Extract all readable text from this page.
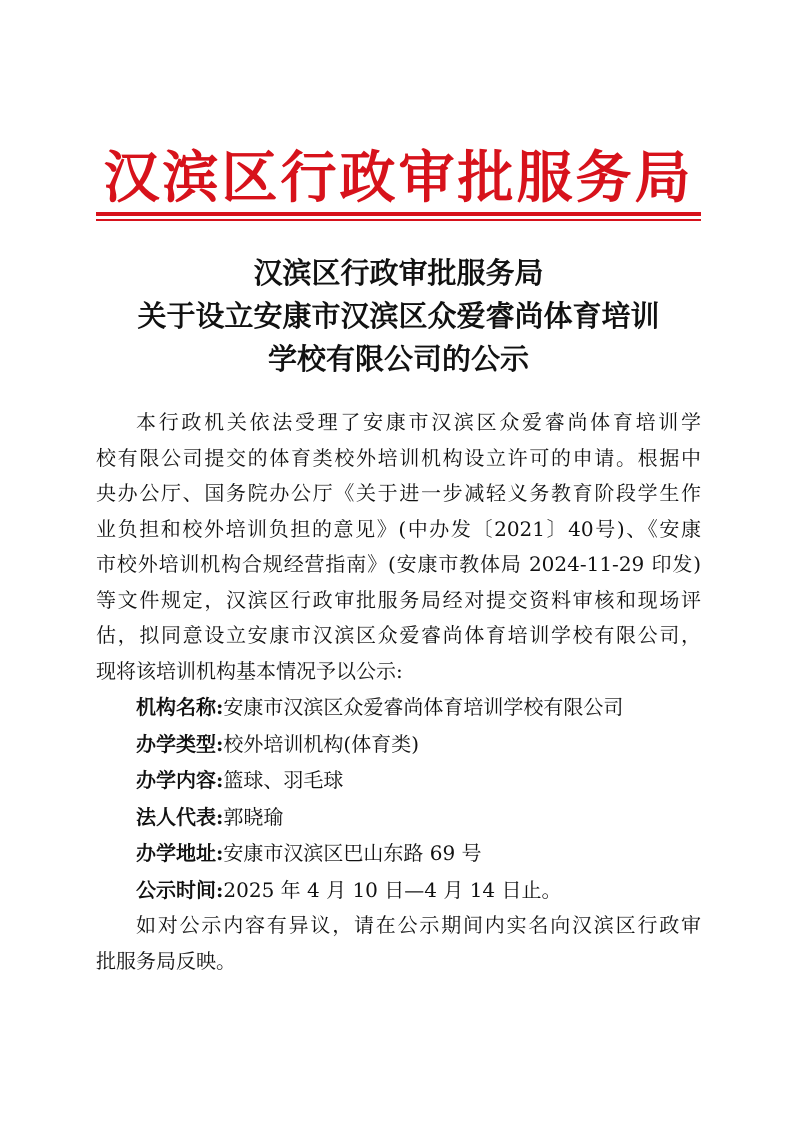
汉滨区行政审批服务局
汉滨区行政审批服务局
关于设立安康市汉滨区众爱睿尚体育培训
学校有限公司的公示
本行政机关依法受理了安康市汉滨区众爱睿尚体育培训学
校有限公司提交的体育类校外培训机构设立许可的申请。根据中
央办公厅、国务院办公厅《关于进一步减轻义务教育阶段学生作
业负担和校外培训负担的意见》(中办发〔2021〕40号)、《安康
市校外培训机构合规经营指南》(安康市教体局 2024-11-29 印发)
等文件规定，汉滨区行政审批服务局经对提交资料审核和现场评
估，拟同意设立安康市汉滨区众爱睿尚体育培训学校有限公司，
现将该培训机构基本情况予以公示:
机构名称:安康市汉滨区众爱睿尚体育培训学校有限公司
办学类型:校外培训机构(体育类)
办学内容:篮球、羽毛球
法人代表:郭晓瑜
办学地址:安康市汉滨区巴山东路 69 号
公示时间:2025 年 4 月 10 日—4 月 14 日止。
如对公示内容有异议，请在公示期间内实名向汉滨区行政审
批服务局反映。
